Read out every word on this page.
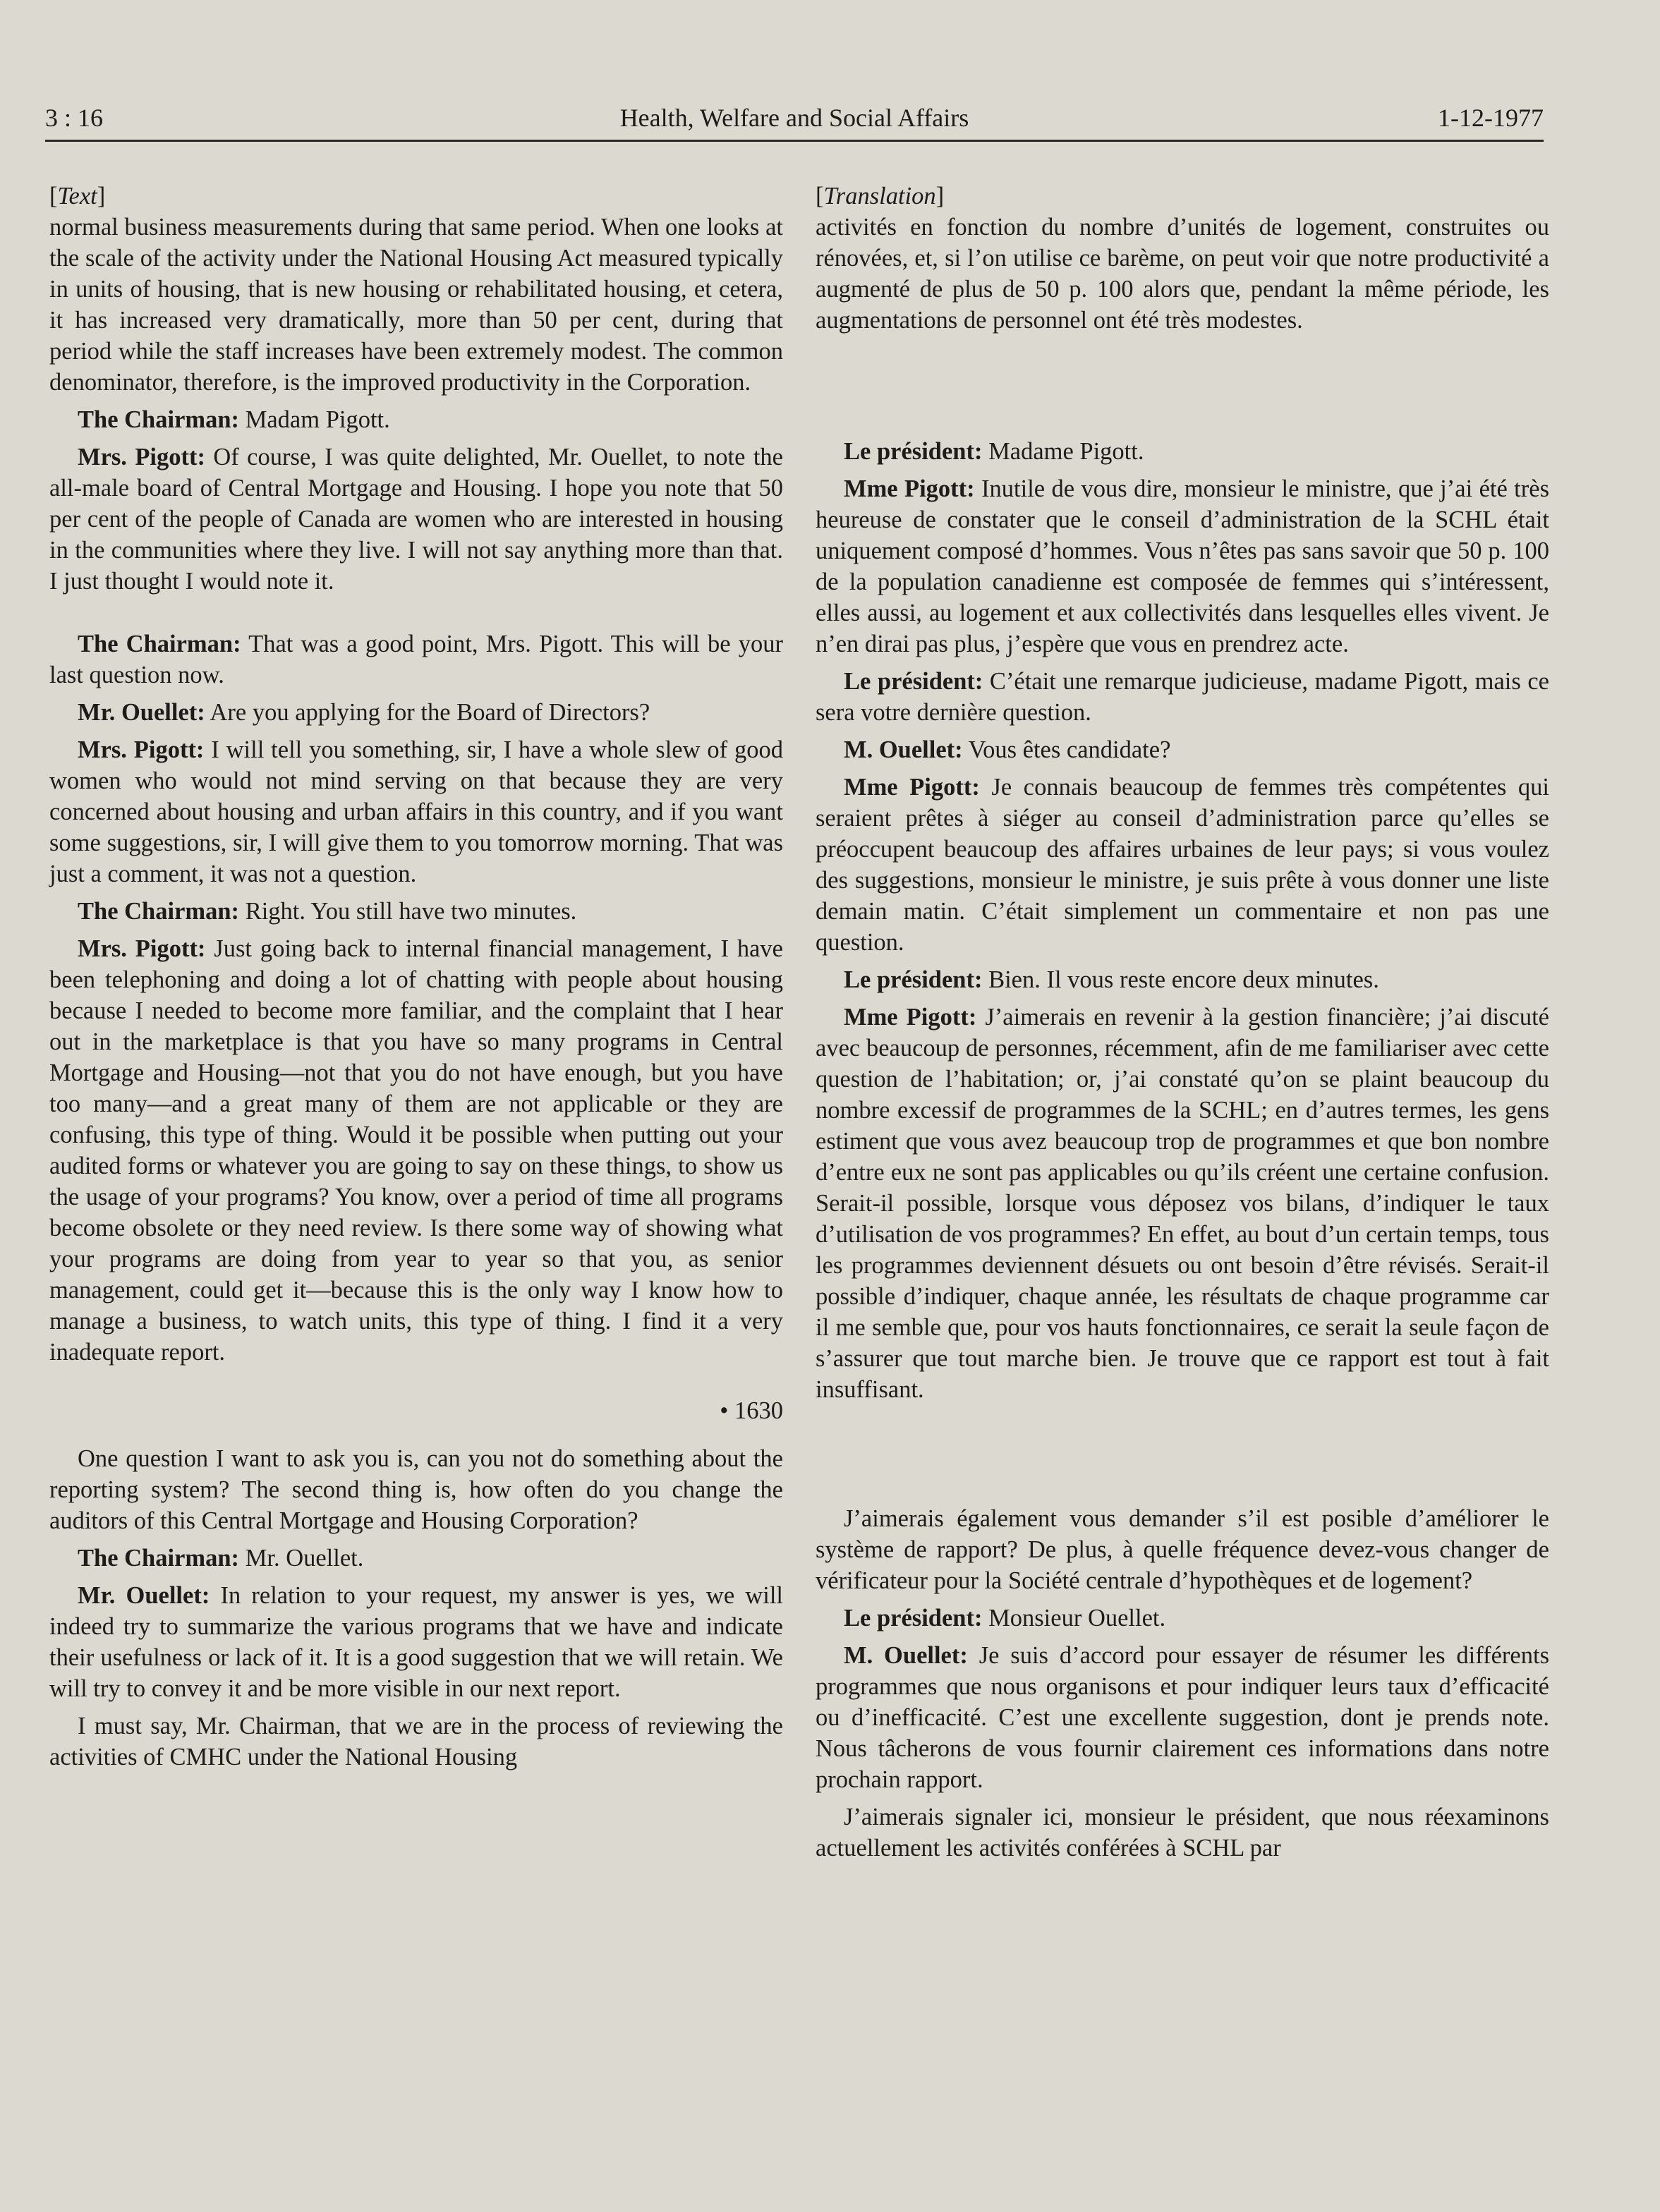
3 : 16	Health, Welfare and Social Affairs	1-12-1977

[Text]

normal business measurements during that same period. When one looks at the scale of the activity under the National Housing Act measured typically in units of housing, that is new housing or rehabilitated housing, et cetera, it has increased very dramatically, more than 50 per cent, during that period while the staff increases have been extremely modest. The common denominator, therefore, is the improved productivity in the Corporation.

The Chairman: Madam Pigott.

Mrs. Pigott: Of course, I was quite delighted, Mr. Ouellet, to note the all-male board of Central Mortgage and Housing. I hope you note that 50 per cent of the people of Canada are women who are interested in housing in the communities where they live. I will not say anything more than that. I just thought I would note it.

The Chairman: That was a good point, Mrs. Pigott. This will be your last question now.

Mr. Ouellet: Are you applying for the Board of Directors?

Mrs. Pigott: I will tell you something, sir, I have a whole slew of good women who would not mind serving on that because they are very concerned about housing and urban affairs in this country, and if you want some suggestions, sir, I will give them to you tomorrow morning. That was just a comment, it was not a question.

The Chairman: Right. You still have two minutes.

Mrs. Pigott: Just going back to internal financial management, I have been telephoning and doing a lot of chatting with people about housing because I needed to become more familiar, and the complaint that I hear out in the marketplace is that you have so many programs in Central Mortgage and Housing—not that you do not have enough, but you have too many—and a great many of them are not applicable or they are confusing, this type of thing. Would it be possible when putting out your audited forms or whatever you are going to say on these things, to show us the usage of your programs? You know, over a period of time all programs become obsolete or they need review. Is there some way of showing what your programs are doing from year to year so that you, as senior management, could get it—because this is the only way I know how to manage a business, to watch units, this type of thing. I find it a very inadequate report.

• 1630

One question I want to ask you is, can you not do something about the reporting system? The second thing is, how often do you change the auditors of this Central Mortgage and Housing Corporation?

The Chairman: Mr. Ouellet.

Mr. Ouellet: In relation to your request, my answer is yes, we will indeed try to summarize the various programs that we have and indicate their usefulness or lack of it. It is a good suggestion that we will retain. We will try to convey it and be more visible in our next report.

I must say, Mr. Chairman, that we are in the process of reviewing the activities of CMHC under the National Housing

[Translation]

activités en fonction du nombre d’unités de logement, construites ou rénovées, et, si l’on utilise ce barème, on peut voir que notre productivité a augmenté de plus de 50 p. 100 alors que, pendant la même période, les augmentations de personnel ont été très modestes.

Le président: Madame Pigott.

Mme Pigott: Inutile de vous dire, monsieur le ministre, que j’ai été très heureuse de constater que le conseil d’administration de la SCHL était uniquement composé d’hommes. Vous n’êtes pas sans savoir que 50 p. 100 de la population canadienne est composée de femmes qui s’intéressent, elles aussi, au logement et aux collectivités dans lesquelles elles vivent. Je n’en dirai pas plus, j’espère que vous en prendrez acte.

Le président: C’était une remarque judicieuse, madame Pigott, mais ce sera votre dernière question.

M. Ouellet: Vous êtes candidate?

Mme Pigott: Je connais beaucoup de femmes très compétentes qui seraient prêtes à siéger au conseil d’administration parce qu’elles se préoccupent beaucoup des affaires urbaines de leur pays; si vous voulez des suggestions, monsieur le ministre, je suis prête à vous donner une liste demain matin. C’était simplement un commentaire et non pas une question.

Le président: Bien. Il vous reste encore deux minutes.

Mme Pigott: J’aimerais en revenir à la gestion financière; j’ai discuté avec beaucoup de personnes, récemment, afin de me familiariser avec cette question de l’habitation; or, j’ai constaté qu’on se plaint beaucoup du nombre excessif de programmes de la SCHL; en d’autres termes, les gens estiment que vous avez beaucoup trop de programmes et que bon nombre d’entre eux ne sont pas applicables ou qu’ils créent une certaine confusion. Serait-il possible, lorsque vous déposez vos bilans, d’indiquer le taux d’utilisation de vos programmes? En effet, au bout d’un certain temps, tous les programmes deviennent désuets ou ont besoin d’être révisés. Serait-il possible d’indiquer, chaque année, les résultats de chaque programme car il me semble que, pour vos hauts fonctionnaires, ce serait la seule façon de s’assurer que tout marche bien. Je trouve que ce rapport est tout à fait insuffisant.

J’aimerais également vous demander s’il est posible d’améliorer le système de rapport? De plus, à quelle fréquence devez-vous changer de vérificateur pour la Société centrale d’hypothèques et de logement?

Le président: Monsieur Ouellet.

M. Ouellet: Je suis d’accord pour essayer de résumer les différents programmes que nous organisons et pour indiquer leurs taux d’efficacité ou d’inefficacité. C’est une excellente suggestion, dont je prends note. Nous tâcherons de vous fournir clairement ces informations dans notre prochain rapport.

J’aimerais signaler ici, monsieur le président, que nous réexaminons actuellement les activités conférées à SCHL par
